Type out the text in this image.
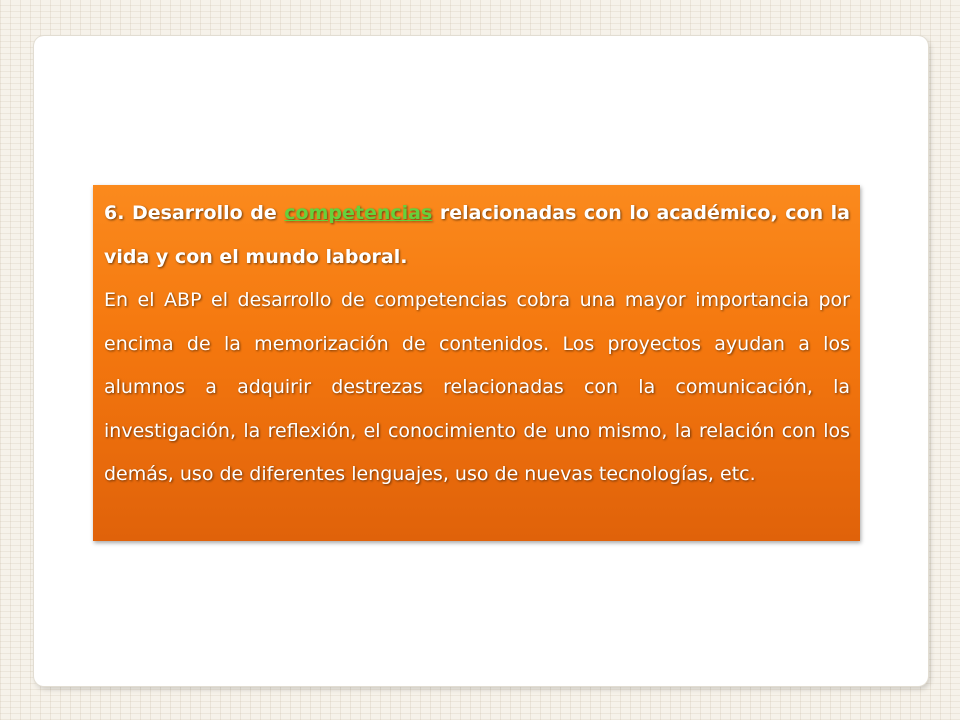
6. Desarrollo de competencias relacionadas con lo académico, con la vida y con el mundo laboral.

En el ABP el desarrollo de competencias cobra una mayor importancia por encima de la memorización de contenidos. Los proyectos ayudan a los alumnos a adquirir destrezas relacionadas con la comunicación, la investigación, la reflexión, el conocimiento de uno mismo, la relación con los demás, uso de diferentes lenguajes, uso de nuevas tecnologías, etc.
